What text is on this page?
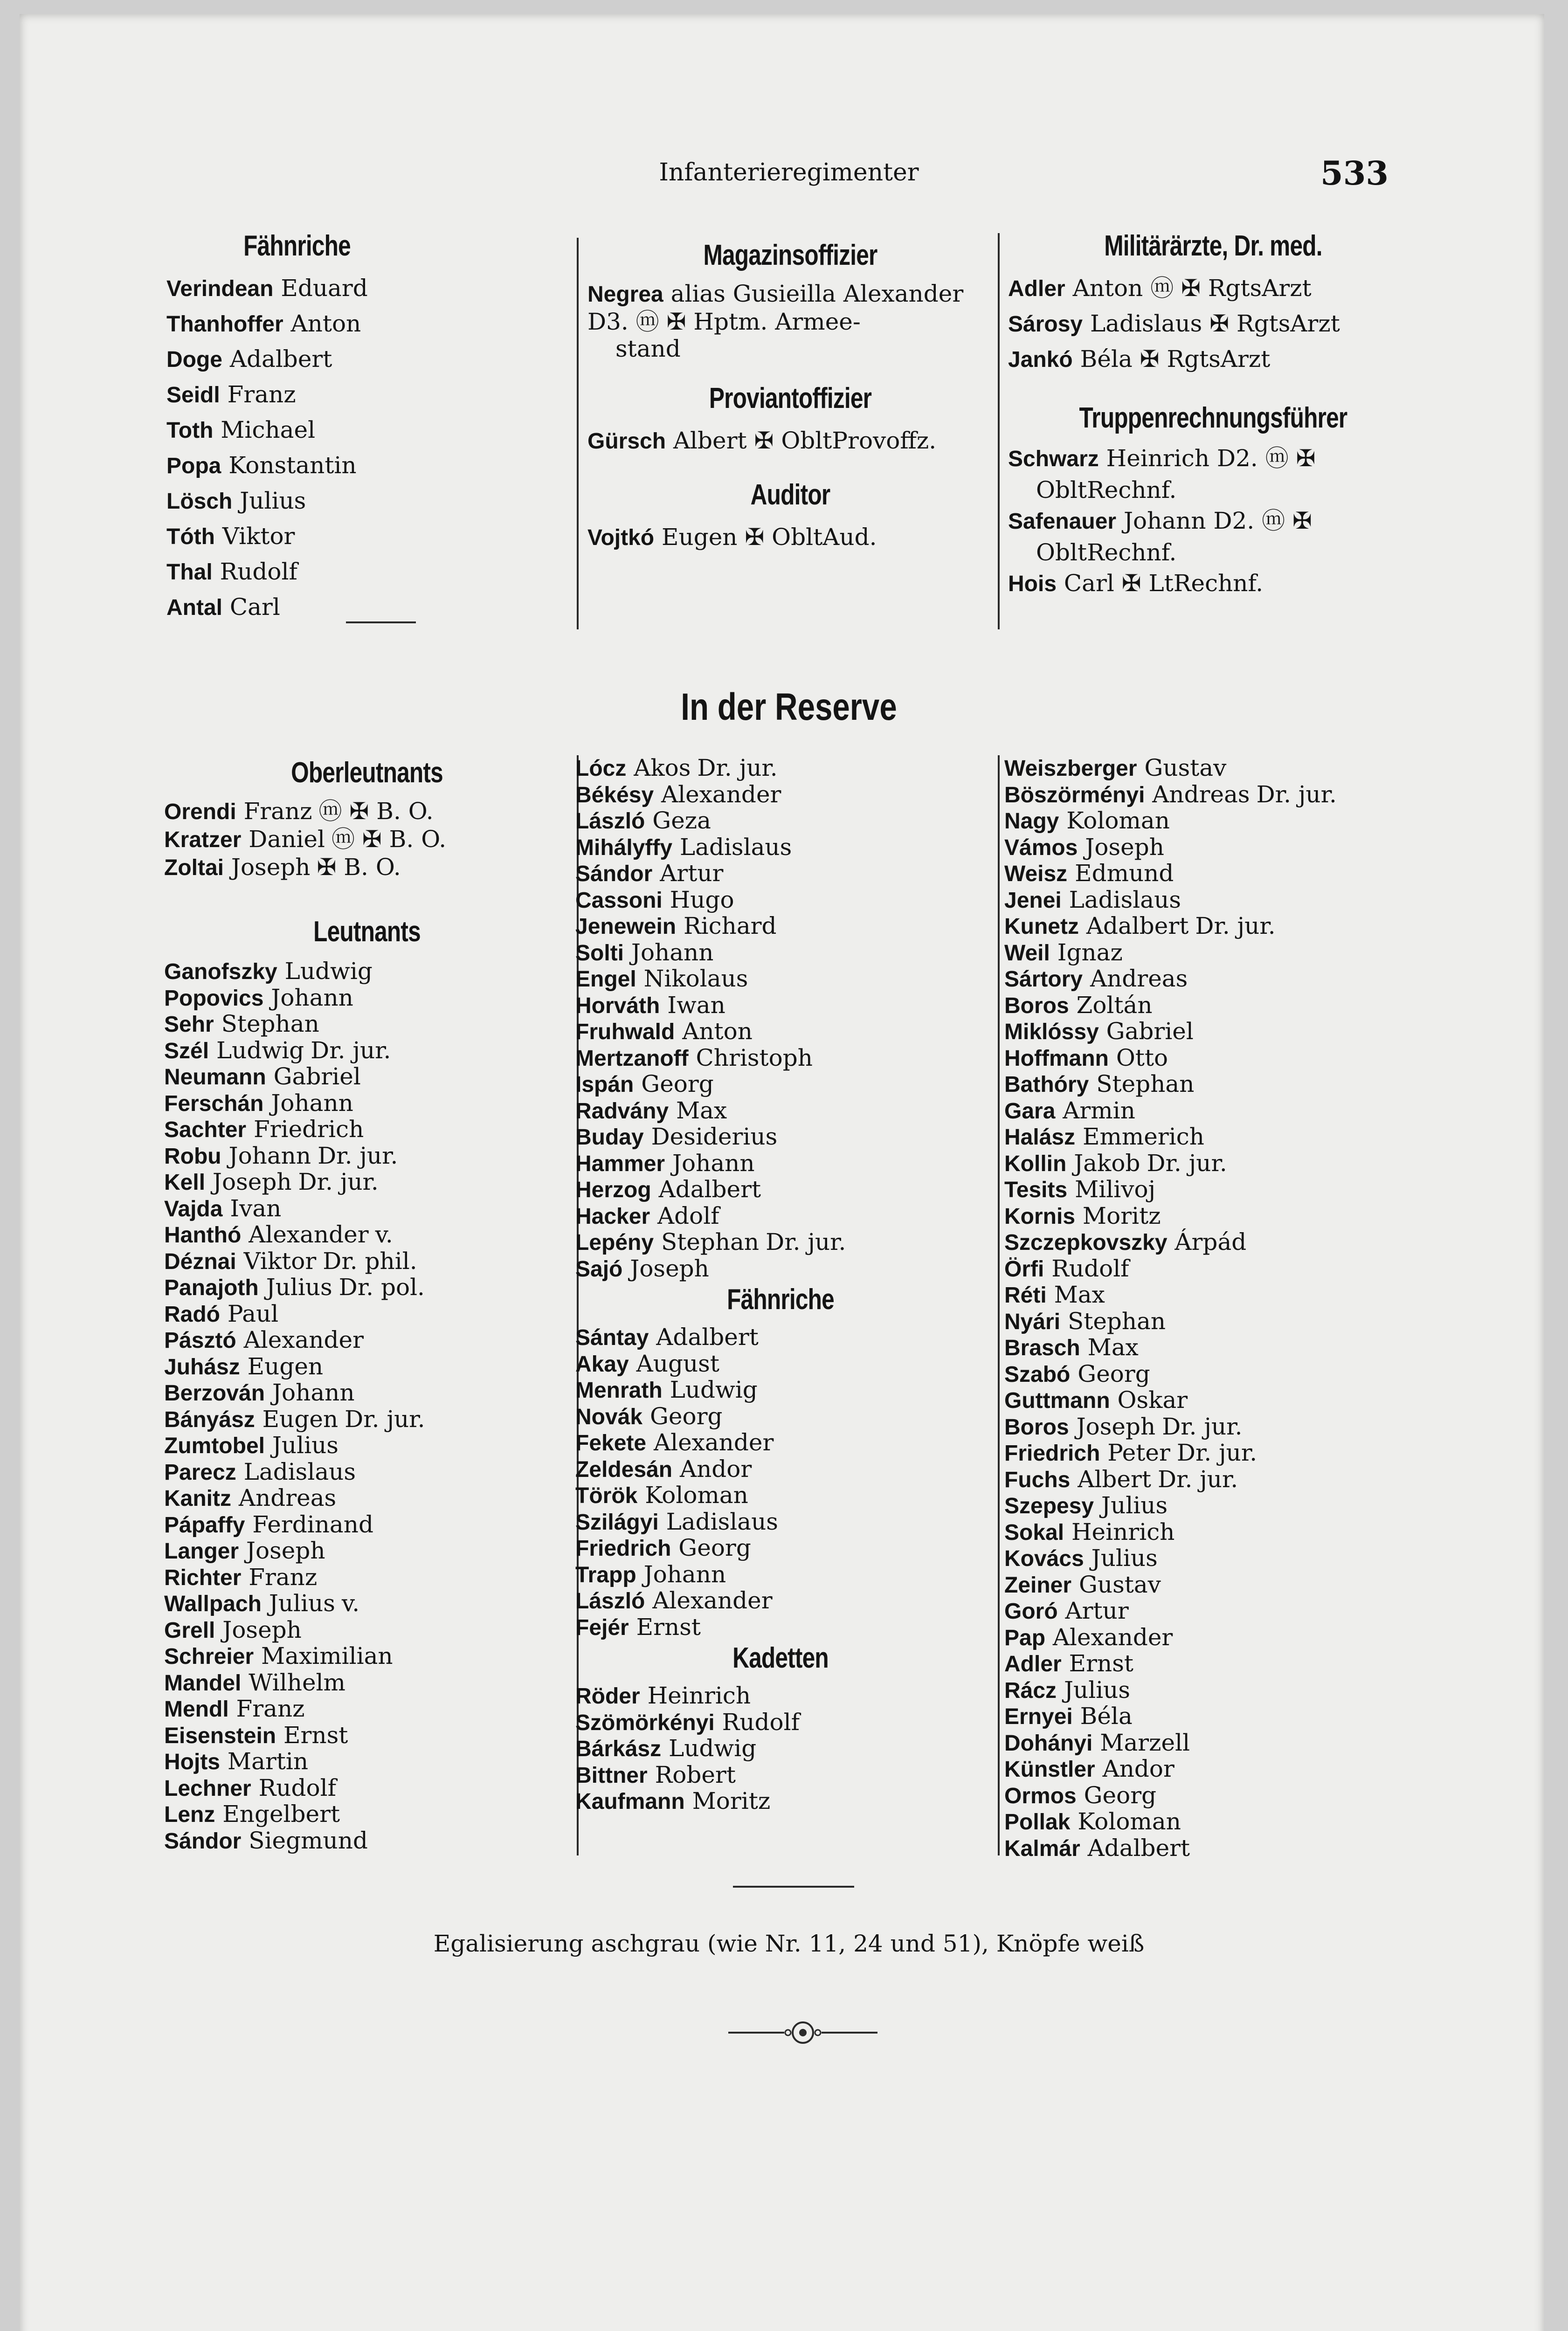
Infanterieregimenter	533
Fähnriche
Verindean Eduard
Thanhoffer Anton
Doge Adalbert
Seidl Franz
Toth Michael
Popa Konstantin
Lösch Julius
Tóth Viktor
Thal Rudolf
Antal Carl
Magazinsoffizier
Negrea alias Gusieilla Alexander
D3. ⓜ ✠ Hptm. Armee-
stand
Proviantoffizier
Gürsch Albert ✠ ObltProvoffz.
Auditor
Vojtkó Eugen ✠ ObltAud.
Militärärzte, Dr. med.
Adler Anton ⓜ ✠ RgtsArzt
Sárosy Ladislaus ✠ RgtsArzt
Jankó Béla ✠ RgtsArzt
Truppenrechnungsführer
Schwarz Heinrich D2. ⓜ ✠
ObltRechnf.
Safenauer Johann D2. ⓜ ✠
ObltRechnf.
Hois Carl ✠ LtRechnf.
In der Reserve
Oberleutnants
Orendi Franz ⓜ ✠ B. O.
Kratzer Daniel ⓜ ✠ B. O.
Zoltai Joseph ✠ B. O.
Leutnants
Ganofszky Ludwig
Popovics Johann
Sehr Stephan
Szél Ludwig Dr. jur.
Neumann Gabriel
Ferschán Johann
Sachter Friedrich
Robu Johann Dr. jur.
Kell Joseph Dr. jur.
Vajda Ivan
Hanthó Alexander v.
Déznai Viktor Dr. phil.
Panajoth Julius Dr. pol.
Radó Paul
Pásztó Alexander
Juhász Eugen
Berzován Johann
Bányász Eugen Dr. jur.
Zumtobel Julius
Parecz Ladislaus
Kanitz Andreas
Pápaffy Ferdinand
Langer Joseph
Richter Franz
Wallpach Julius v.
Grell Joseph
Schreier Maximilian
Mandel Wilhelm
Mendl Franz
Eisenstein Ernst
Hojts Martin
Lechner Rudolf
Lenz Engelbert
Sándor Siegmund
Lócz Akos Dr. jur.
Békésy Alexander
László Geza
Mihályffy Ladislaus
Sándor Artur
Cassoni Hugo
Jenewein Richard
Solti Johann
Engel Nikolaus
Horváth Iwan
Fruhwald Anton
Mertzanoff Christoph
Ispán Georg
Radvány Max
Buday Desiderius
Hammer Johann
Herzog Adalbert
Hacker Adolf
Lepény Stephan Dr. jur.
Sajó Joseph
Fähnriche
Sántay Adalbert
Akay August
Menrath Ludwig
Novák Georg
Fekete Alexander
Zeldesán Andor
Török Koloman
Szilágyi Ladislaus
Friedrich Georg
Trapp Johann
László Alexander
Fejér Ernst
Kadetten
Röder Heinrich
Szömörkényi Rudolf
Bárkász Ludwig
Bittner Robert
Kaufmann Moritz
Weiszberger Gustav
Böszörményi Andreas Dr. jur.
Nagy Koloman
Vámos Joseph
Weisz Edmund
Jenei Ladislaus
Kunetz Adalbert Dr. jur.
Weil Ignaz
Sártory Andreas
Boros Zoltán
Miklóssy Gabriel
Hoffmann Otto
Bathóry Stephan
Gara Armin
Halász Emmerich
Kollin Jakob Dr. jur.
Tesits Milivoj
Kornis Moritz
Szczepkovszky Árpád
Örfi Rudolf
Réti Max
Nyári Stephan
Brasch Max
Szabó Georg
Guttmann Oskar
Boros Joseph Dr. jur.
Friedrich Peter Dr. jur.
Fuchs Albert Dr. jur.
Szepesy Julius
Sokal Heinrich
Kovács Julius
Zeiner Gustav
Goró Artur
Pap Alexander
Adler Ernst
Rácz Julius
Ernyei Béla
Dohányi Marzell
Künstler Andor
Ormos Georg
Pollak Koloman
Kalmár Adalbert
Egalisierung aschgrau (wie Nr. 11, 24 und 51), Knöpfe weiß
